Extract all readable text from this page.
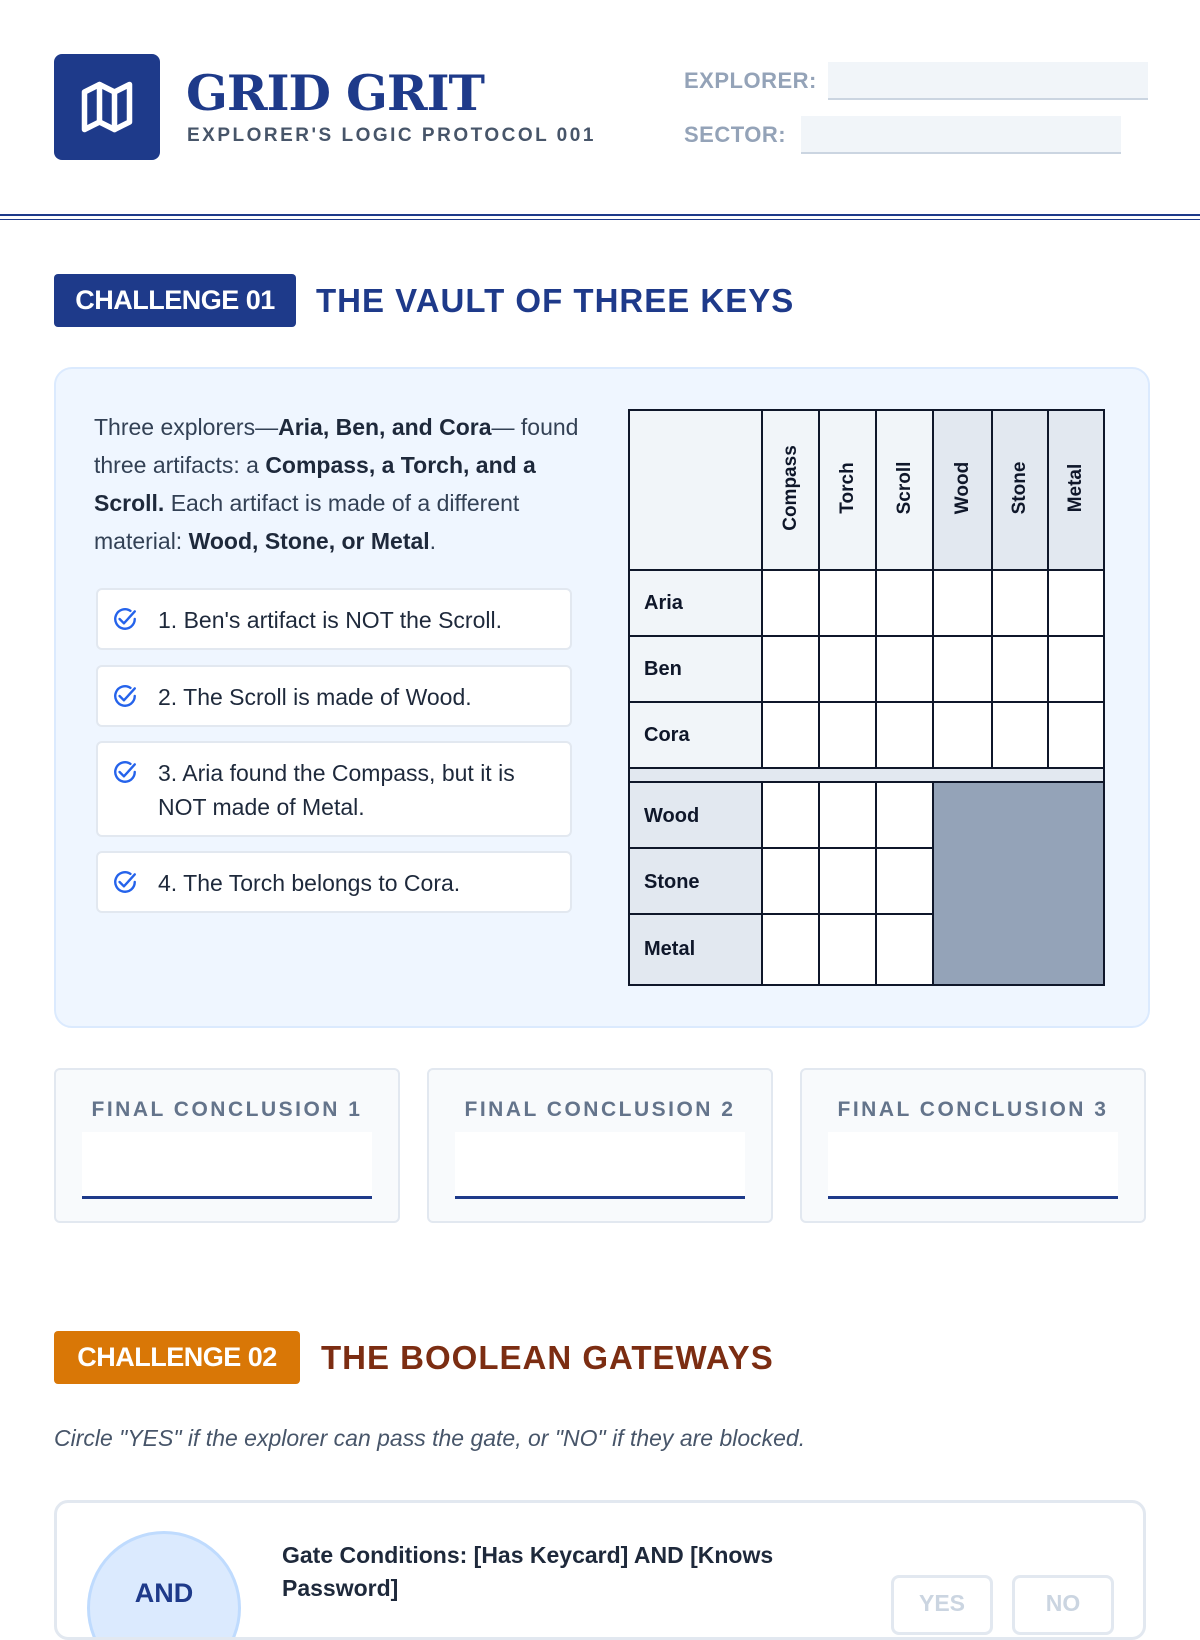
GRID GRIT
EXPLORER'S LOGIC PROTOCOL 001
EXPLORER:
SECTOR:
CHALLENGE 01	THE VAULT OF THREE KEYS
Three explorers—Aria, Ben, and Cora— found three artifacts: a Compass, a Torch, and a Scroll. Each artifact is made of a different material: Wood, Stone, or Metal.
1. Ben's artifact is NOT the Scroll.
2. The Scroll is made of Wood.
3. Aria found the Compass, but it is NOT made of Metal.
4. The Torch belongs to Cora.
Compass Torch Scroll Wood Stone Metal
Aria
Ben
Cora
Wood
Stone
Metal
FINAL CONCLUSION 1	FINAL CONCLUSION 2	FINAL CONCLUSION 3
CHALLENGE 02	THE BOOLEAN GATEWAYS
Circle "YES" if the explorer can pass the gate, or "NO" if they are blocked.
AND
Gate Conditions: [Has Keycard] AND [Knows Password]
YES	NO
